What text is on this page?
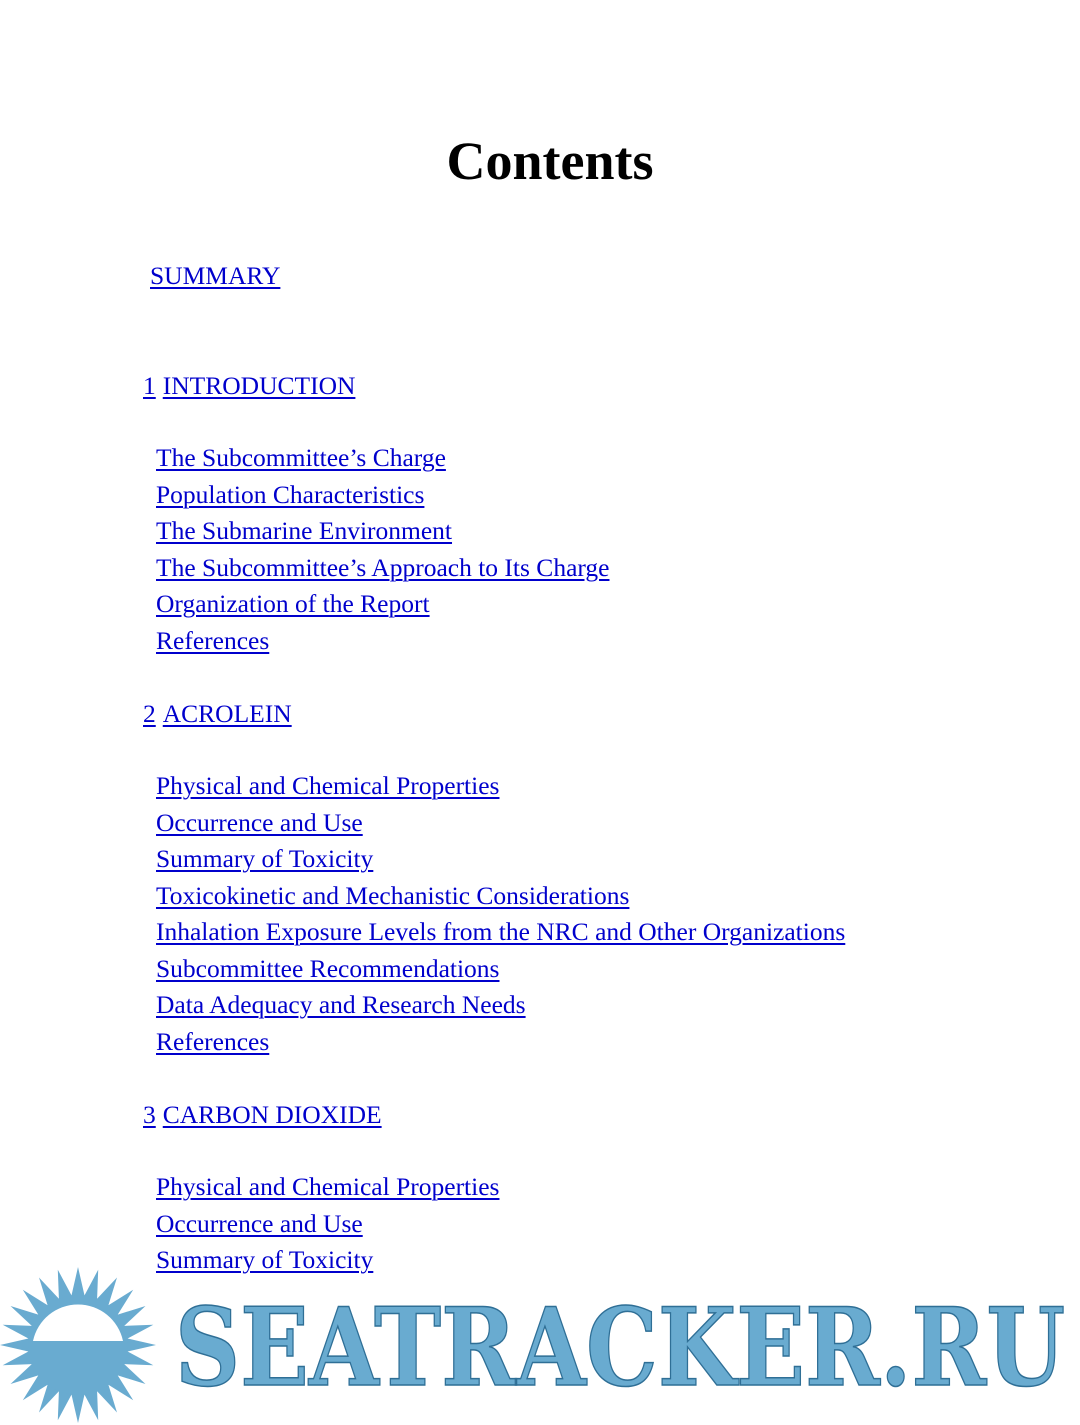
Contents
SUMMARY
1 INTRODUCTION
The Subcommittee’s Charge
Population Characteristics
The Submarine Environment
The Subcommittee’s Approach to Its Charge
Organization of the Report
References
2 ACROLEIN
Physical and Chemical Properties
Occurrence and Use
Summary of Toxicity
Toxicokinetic and Mechanistic Considerations
Inhalation Exposure Levels from the NRC and Other Organizations
Subcommittee Recommendations
Data Adequacy and Research Needs
References
3 CARBON DIOXIDE
Physical and Chemical Properties
Occurrence and Use
Summary of Toxicity
SEATRACKER.RU
